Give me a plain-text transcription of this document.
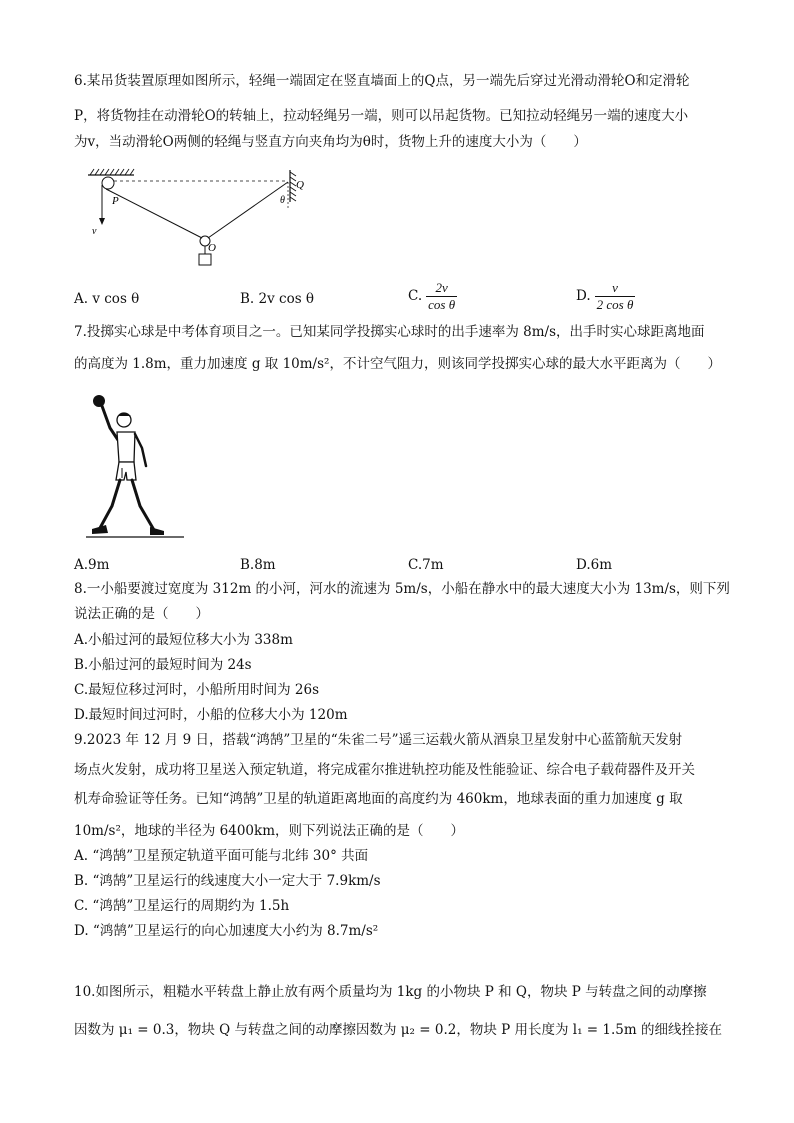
6.某吊货装置原理如图所示，轻绳一端固定在竖直墙面上的Q点，另一端先后穿过光滑动滑轮O和定滑轮
P，将货物挂在动滑轮O的转轴上，拉动轻绳另一端，则可以吊起货物。已知拉动轻绳另一端的速度大小
为v，当动滑轮O两侧的轻绳与竖直方向夹角均为θ时，货物上升的速度大小为（　　）
P
Q
O
v
θ
A. v cos θ	B. 2v cos θ	C. $\frac{2v}{\text{cos θ}}$	D. $\frac{v}{\text{2 cos θ}}$
7.投掷实心球是中考体育项目之一。已知某同学投掷实心球时的出手速率为 8m/s，出手时实心球距离地面
的高度为 1.8m，重力加速度 g 取 10m/s²，不计空气阻力，则该同学投掷实心球的最大水平距离为（　　）
A.9m	B.8m	C.7m	D.6m
8.一小船要渡过宽度为 312m 的小河，河水的流速为 5m/s，小船在静水中的最大速度大小为 13m/s，则下列
说法正确的是（　　）
A.小船过河的最短位移大小为 338m
B.小船过河的最短时间为 24s
C.最短位移过河时，小船所用时间为 26s
D.最短时间过河时，小船的位移大小为 120m
9.2023 年 12 月 9 日，搭载“鸿鹄”卫星的“朱雀二号”遥三运载火箭从酒泉卫星发射中心蓝箭航天发射
场点火发射，成功将卫星送入预定轨道，将完成霍尔推进轨控功能及性能验证、综合电子载荷器件及开关
机寿命验证等任务。已知“鸿鹄”卫星的轨道距离地面的高度约为 460km，地球表面的重力加速度 g 取
10m/s²，地球的半径为 6400km，则下列说法正确的是（　　）
A. “鸿鹄”卫星预定轨道平面可能与北纬 30° 共面
B. “鸿鹄”卫星运行的线速度大小一定大于 7.9km/s
C. “鸿鹄”卫星运行的周期约为 1.5h
D. “鸿鹄”卫星运行的向心加速度大小约为 8.7m/s²
10.如图所示，粗糙水平转盘上静止放有两个质量均为 1kg 的小物块 P 和 Q，物块 P 与转盘之间的动摩擦
因数为 μ₁ = 0.3，物块 Q 与转盘之间的动摩擦因数为 μ₂ = 0.2，物块 P 用长度为 l₁ = 1.5m 的细线拴接在
